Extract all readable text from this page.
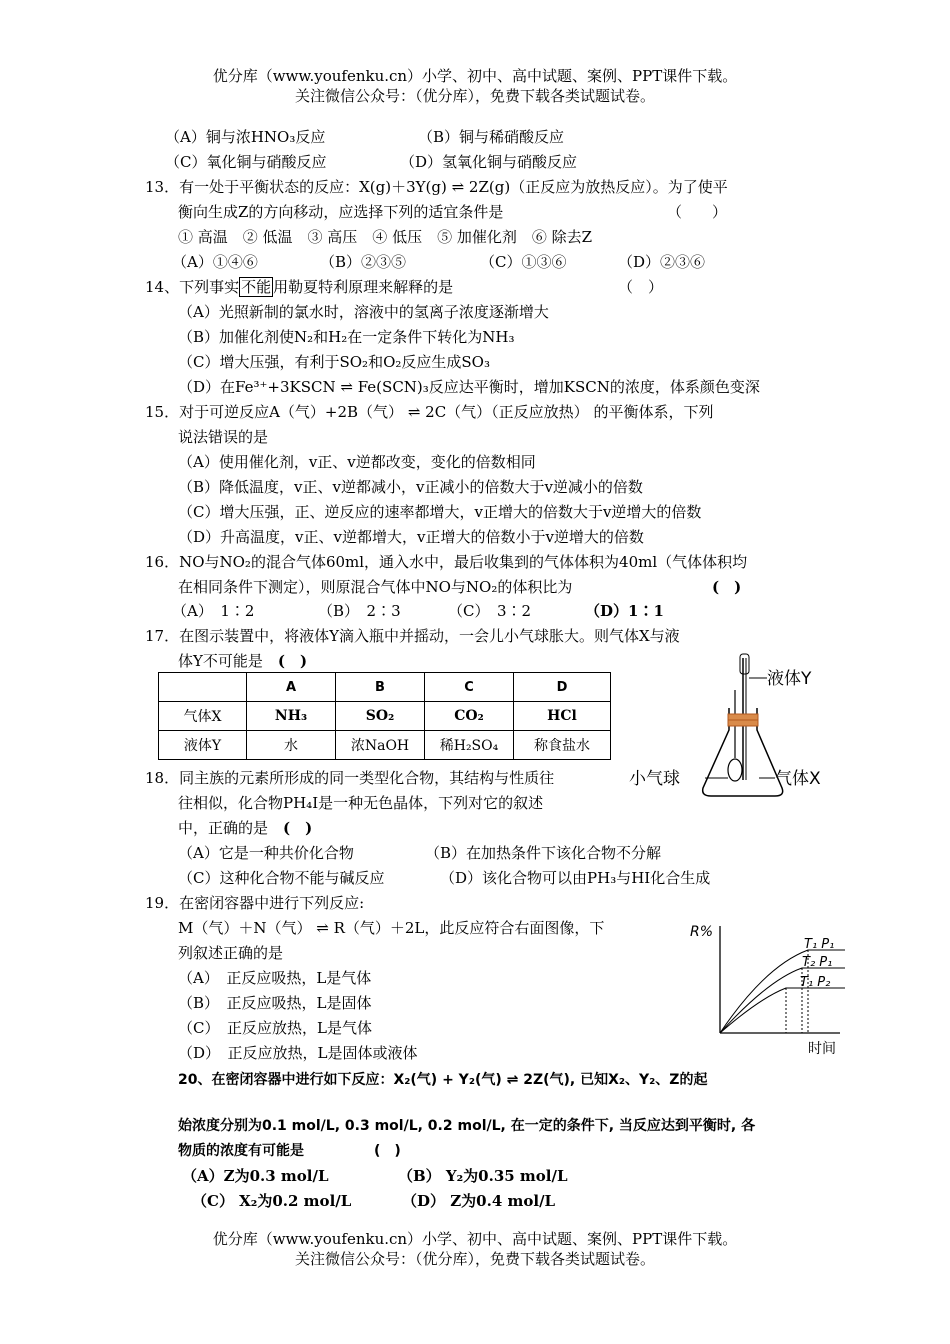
优分库（www.youfenku.cn）小学、初中、高中试题、案例、PPT课件下载。
关注微信公众号：（优分库），免费下载各类试题试卷。
（A）铜与浓HNO₃反应	（B）铜与稀硝酸反应
（C）氧化铜与硝酸反应	（D）氢氧化铜与硝酸反应
13．有一处于平衡状态的反应：X(g)＋3Y(g) ⇌ 2Z(g)（正反应为放热反应）。为了使平
衡向生成Z的方向移动，应选择下列的适宜条件是	（　　）
① 高温　② 低温　③ 高压　④ 低压　⑤ 加催化剂　⑥ 除去Z
（A）①④⑥	（B）②③⑤	（C）①③⑥	（D）②③⑥
14、下列事实 不能 用勒夏特利原理来解释的是	（　）
（A）光照新制的氯水时，溶液中的氢离子浓度逐渐增大
（B）加催化剂使N₂和H₂在一定条件下转化为NH₃
（C）增大压强，有利于SO₂和O₂反应生成SO₃
（D）在Fe³⁺+3KSCN ⇌ Fe(SCN)₃反应达平衡时，增加KSCN的浓度，体系颜色变深
15．对于可逆反应A（气）+2B（气） ⇌ 2C（气）（正反应放热） 的平衡体系，下列
说法错误的是
（A）使用催化剂，v正、v逆都改变，变化的倍数相同
（B）降低温度，v正、v逆都减小，v正减小的倍数大于v逆减小的倍数
（C）增大压强，正、逆反应的速率都增大，v正增大的倍数大于v逆增大的倍数
（D）升高温度，v正、v逆都增大，v正增大的倍数小于v逆增大的倍数
16．NO与NO₂的混合气体60ml，通入水中，最后收集到的气体体积为40ml（气体体积均
在相同条件下测定），则原混合气体中NO与NO₂的体积比为	(　)
（A）　1∶2	（B）　2∶3	（C）　3∶2	（D）1∶1
17．在图示装置中，将液体Y滴入瓶中并摇动，一会儿小气球胀大。则气体X与液
体Y不可能是　 (　)
	A	B	C	D
气体X	NH₃	SO₂	CO₂	HCl
液体Y	水	浓NaOH	稀H₂SO₄	称食盐水
液体Y
小气球	气体X
18．同主族的元素所形成的同一类型化合物，其结构与性质往
往相似，化合物PH₄I是一种无色晶体，下列对它的叙述
中，正确的是　 (　)
（A）它是一种共价化合物	（B）在加热条件下该化合物不分解
（C）这种化合物不能与碱反应	（D）该化合物可以由PH₃与HI化合生成
19．在密闭容器中进行下列反应:
M（气）＋N（气） ⇌ R（气）＋2L，此反应符合右面图像，下
列叙述正确的是
（A）　正反应吸热，L是气体
（B）　正反应吸热，L是固体
（C）　正反应放热，L是气体
（D）　正反应放热，L是固体或液体
R%
T₁ P₁
T₂ P₁
T₁ P₂
时间
20、在密闭容器中进行如下反应：X₂(气) + Y₂(气) ⇌ 2Z(气), 已知X₂、Y₂、Z的起
始浓度分别为0.1 mol/L, 0.3 mol/L, 0.2 mol/L, 在一定的条件下, 当反应达到平衡时, 各
物质的浓度有可能是　　　　　	(　)
（A）Z为0.3 mol/L	（B） Y₂为0.35 mol/L
（C） X₂为0.2 mol/L	（D） Z为0.4 mol/L
优分库（www.youfenku.cn）小学、初中、高中试题、案例、PPT课件下载。
关注微信公众号：（优分库），免费下载各类试题试卷。
